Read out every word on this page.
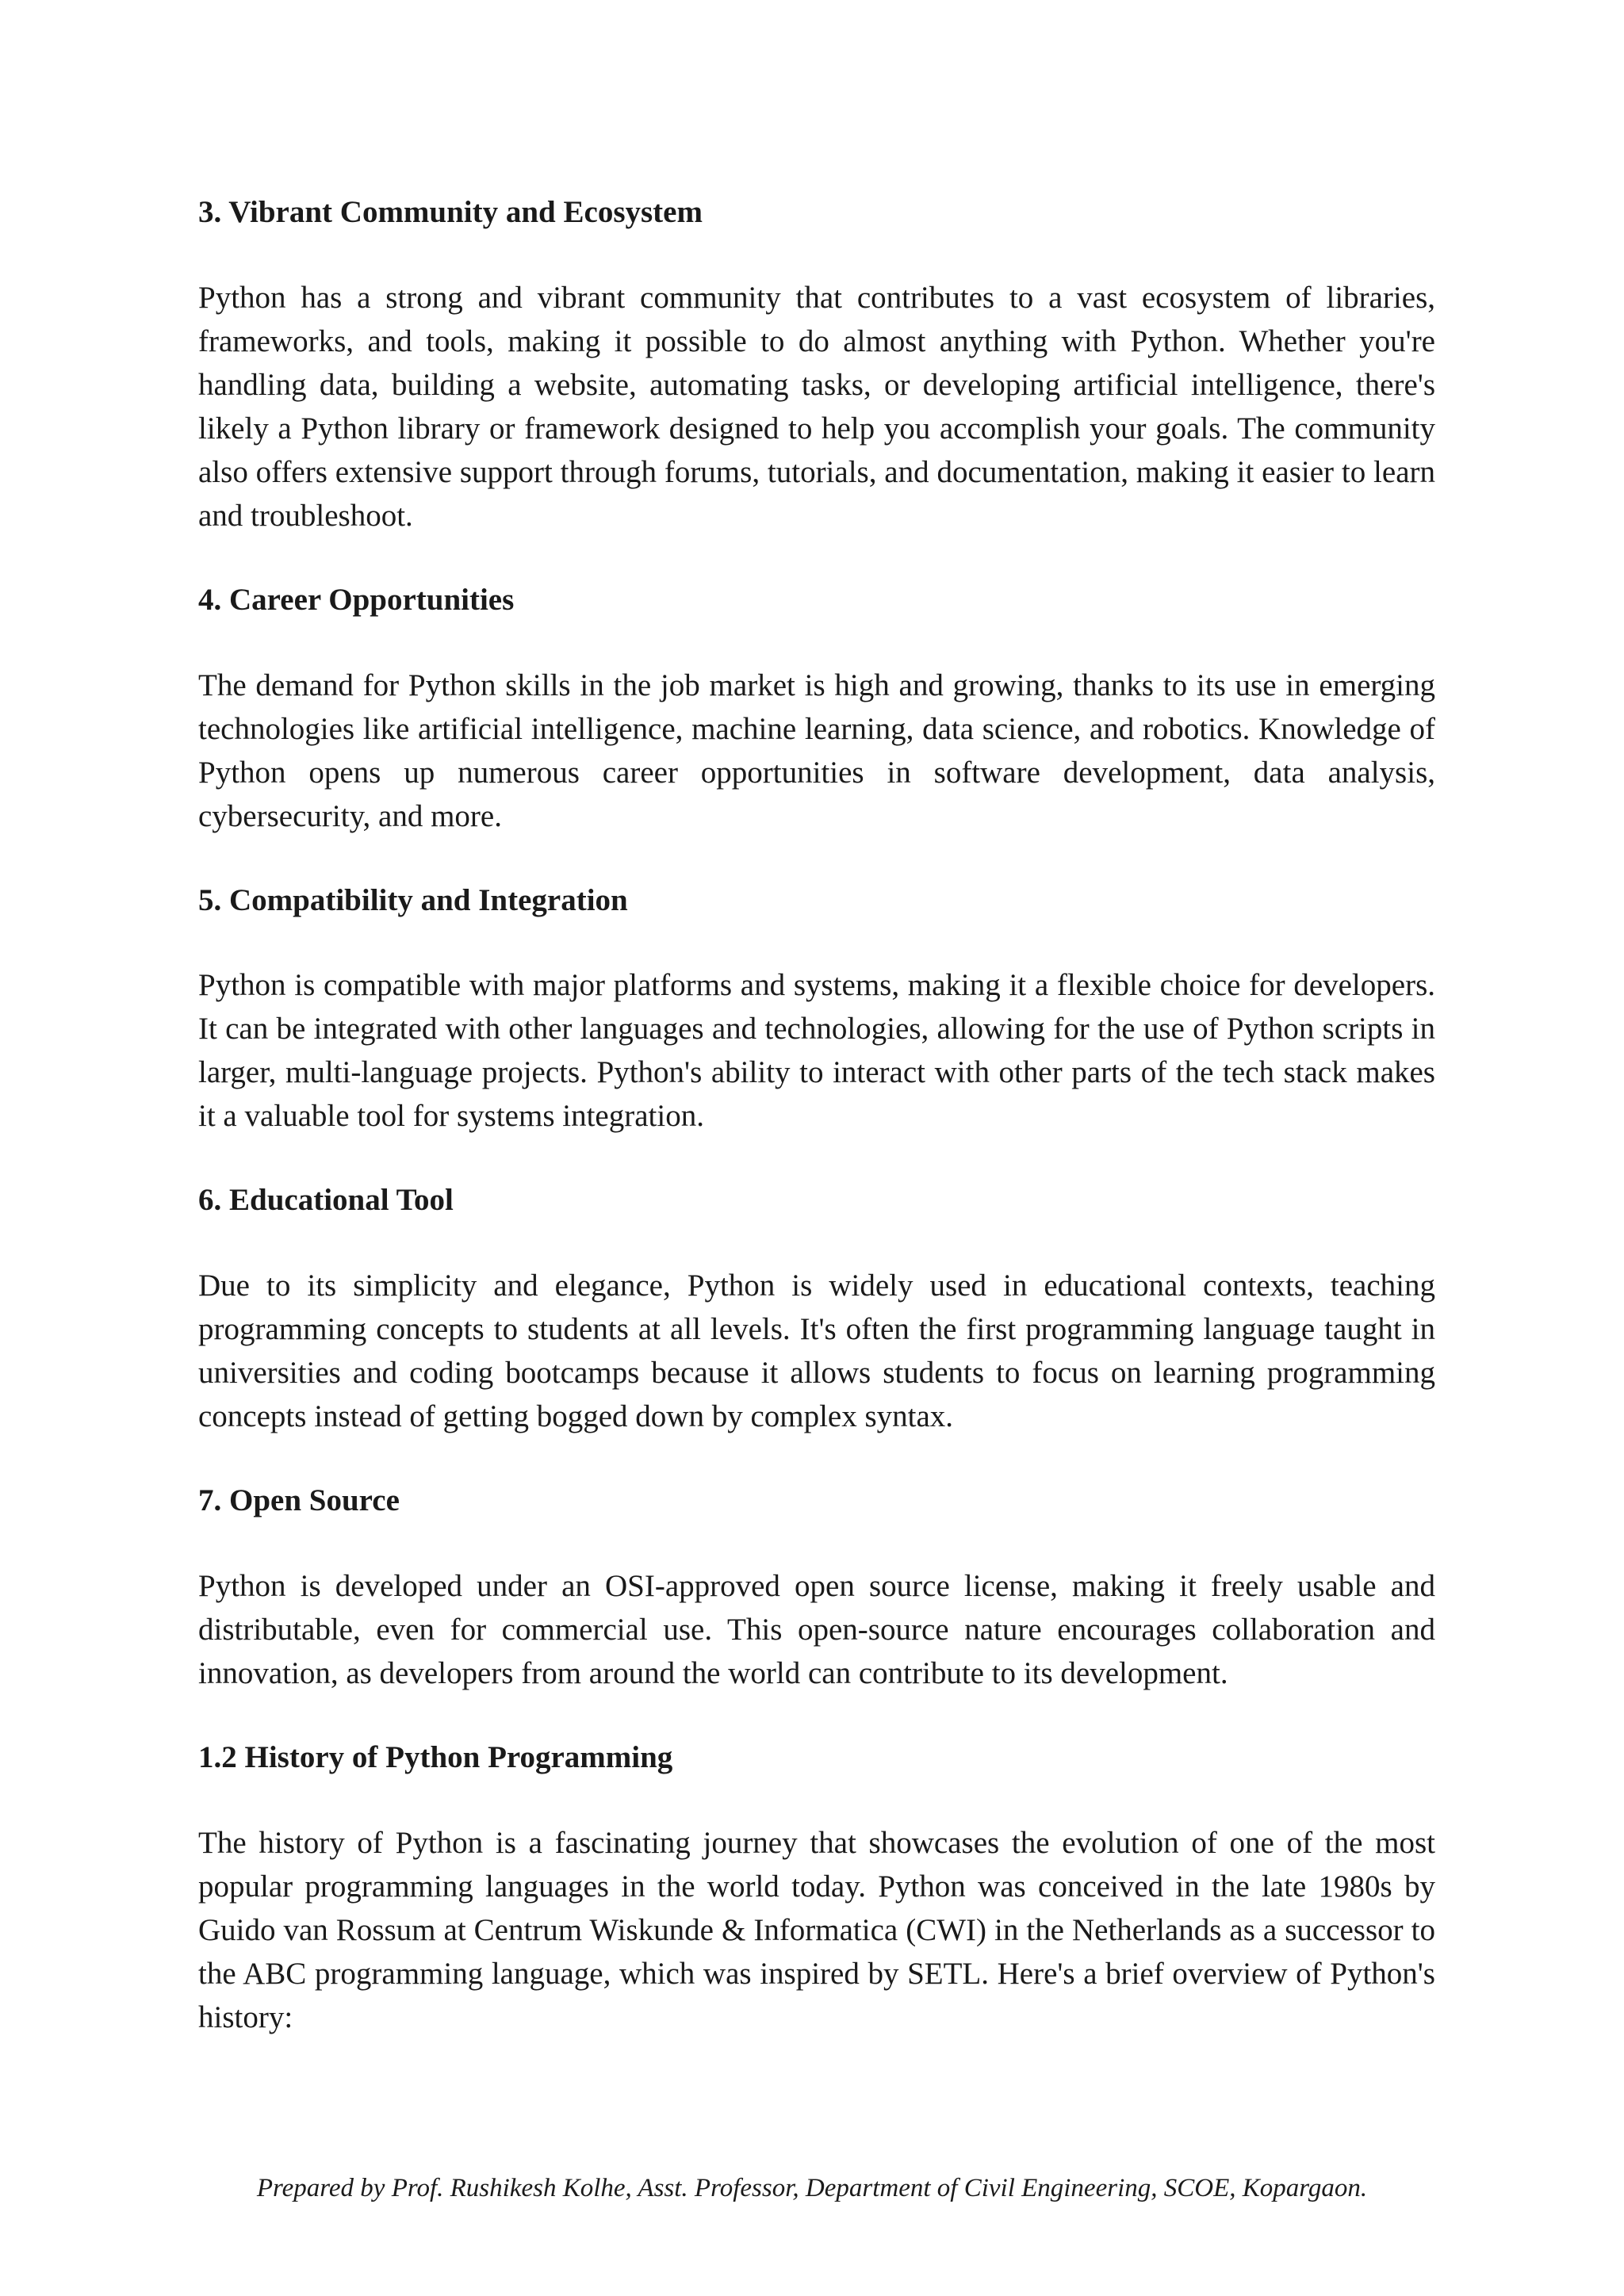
3. Vibrant Community and Ecosystem

Python has a strong and vibrant community that contributes to a vast ecosystem of libraries, frameworks, and tools, making it possible to do almost anything with Python. Whether you're handling data, building a website, automating tasks, or developing artificial intelligence, there's likely a Python library or framework designed to help you accomplish your goals. The community also offers extensive support through forums, tutorials, and documentation, making it easier to learn and troubleshoot.

4. Career Opportunities

The demand for Python skills in the job market is high and growing, thanks to its use in emerging technologies like artificial intelligence, machine learning, data science, and robotics. Knowledge of Python opens up numerous career opportunities in software development, data analysis, cybersecurity, and more.

5. Compatibility and Integration

Python is compatible with major platforms and systems, making it a flexible choice for developers. It can be integrated with other languages and technologies, allowing for the use of Python scripts in larger, multi-language projects. Python's ability to interact with other parts of the tech stack makes it a valuable tool for systems integration.

6. Educational Tool

Due to its simplicity and elegance, Python is widely used in educational contexts, teaching programming concepts to students at all levels. It's often the first programming language taught in universities and coding bootcamps because it allows students to focus on learning programming concepts instead of getting bogged down by complex syntax.

7. Open Source

Python is developed under an OSI-approved open source license, making it freely usable and distributable, even for commercial use. This open-source nature encourages collaboration and innovation, as developers from around the world can contribute to its development.

1.2 History of Python Programming

The history of Python is a fascinating journey that showcases the evolution of one of the most popular programming languages in the world today. Python was conceived in the late 1980s by Guido van Rossum at Centrum Wiskunde & Informatica (CWI) in the Netherlands as a successor to the ABC programming language, which was inspired by SETL. Here's a brief overview of Python's history:

Prepared by Prof. Rushikesh Kolhe, Asst. Professor, Department of Civil Engineering, SCOE, Kopargaon.
